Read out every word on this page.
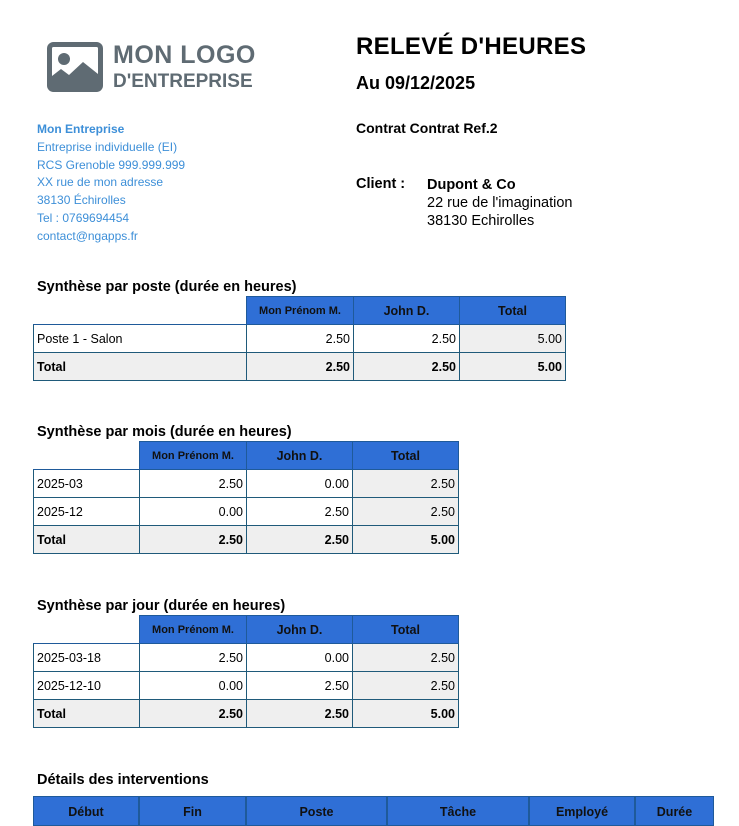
MON LOGO
D'ENTREPRISE
Mon Entreprise
Entreprise individuelle (EI)
RCS Grenoble 999.999.999
XX rue de mon adresse
38130 Échirolles
Tel : 0769694454
contact@ngapps.fr
RELEVÉ D'HEURES
Au 09/12/2025
Contrat Contrat Ref.2
Client :	Dupont & Co
22 rue de l'imagination
38130 Echirolles
Synthèse par poste (durée en heures)
	Mon Prénom M.	John D.	Total
Poste 1 - Salon	2.50	2.50	5.00
Total	2.50	2.50	5.00
Synthèse par mois (durée en heures)
	Mon Prénom M.	John D.	Total
2025-03	2.50	0.00	2.50
2025-12	0.00	2.50	2.50
Total	2.50	2.50	5.00
Synthèse par jour (durée en heures)
	Mon Prénom M.	John D.	Total
2025-03-18	2.50	0.00	2.50
2025-12-10	0.00	2.50	2.50
Total	2.50	2.50	5.00
Détails des interventions
Début	Fin	Poste	Tâche	Employé	Durée
